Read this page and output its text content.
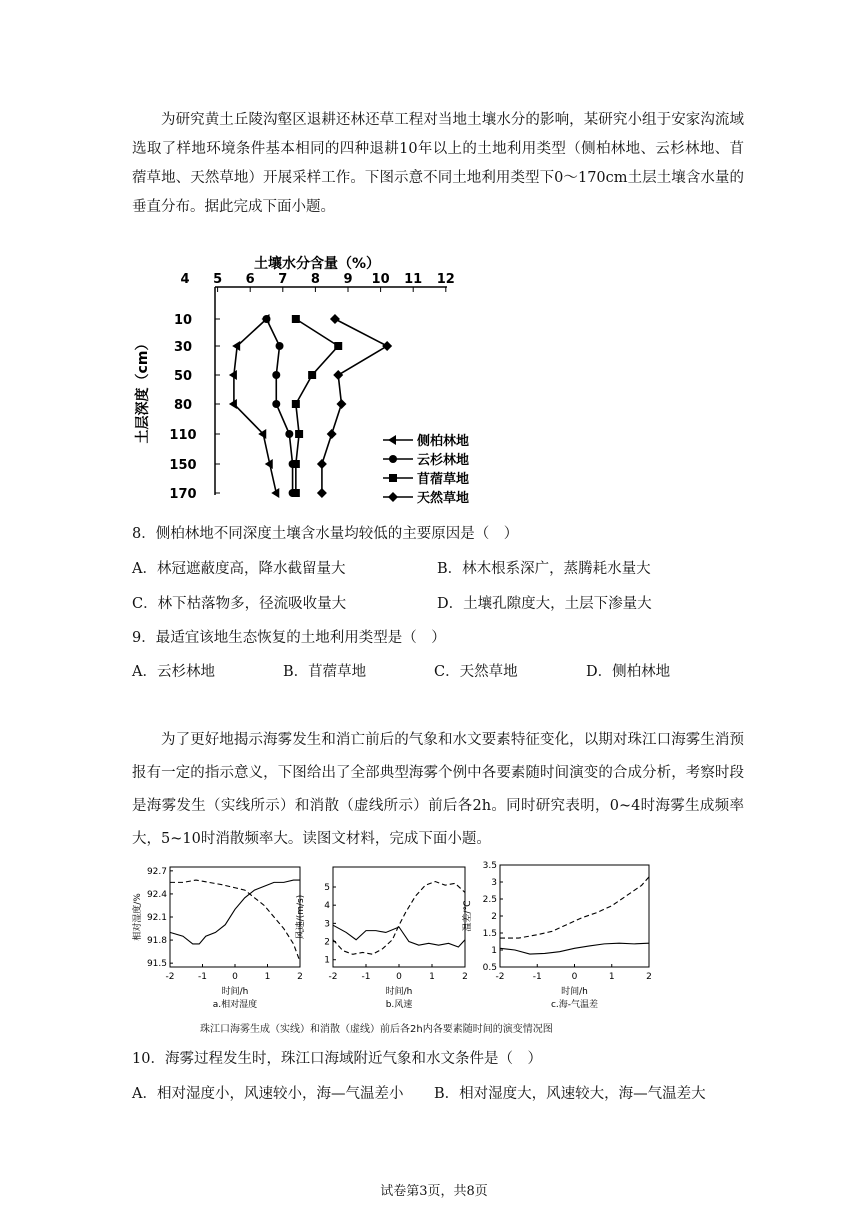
为研究黄土丘陵沟壑区退耕还林还草工程对当地土壤水分的影响，某研究小组于安家沟流域选取了样地环境条件基本相同的四种退耕10年以上的土地利用类型（侧柏林地、云杉林地、苜蓿草地、天然草地）开展采样工作。下图示意不同土地利用类型下0～170cm土层土壤含水量的垂直分布。据此完成下面小题。

土壤水分含量（%）
4 5 6 7 8 9 10 11 12
土层深度（cm）
10
30
50
80
110
150
170
侧柏林地
云杉林地
苜蓿草地
天然草地
8．侧柏林地不同深度土壤含水量均较低的主要原因是（　）
A．林冠遮蔽度高，降水截留量大	B．林木根系深广，蒸腾耗水量大
C．林下枯落物多，径流吸收量大	D．土壤孔隙度大，土层下渗量大
9．最适宜该地生态恢复的土地利用类型是（　）
A．云杉林地	B．苜蓿草地	C．天然草地	D．侧柏林地

为了更好地揭示海雾发生和消亡前后的气象和水文要素特征变化，以期对珠江口海雾生消预报有一定的指示意义，下图给出了全部典型海雾个例中各要素随时间演变的合成分析，考察时段是海雾发生（实线所示）和消散（虚线所示）前后各2h。同时研究表明，0~4时海雾生成频率大，5~10时消散频率大。读图文材料，完成下面小题。

-2	-1	0	1	2
92.7
92.4
92.1
91.8
91.5
相对湿度/%
时间/h
a.相对湿度
-2	-1	0	1	2
5
4
3
2
1
风速/(m/s)
时间/h
b.风速
-2	-1	0	1	2
3.5
3
2.5
2
1.5
1
0.5
温差/℃
时间/h
c.海-气温差
珠江口海雾生成（实线）和消散（虚线）前后各2h内各要素随时间的演变情况图
10．海雾过程发生时，珠江口海域附近气象和水文条件是（　）
A．相对湿度小，风速较小，海—气温差小 B．相对湿度大，风速较大，海—气温差大
试卷第3页，共8页
